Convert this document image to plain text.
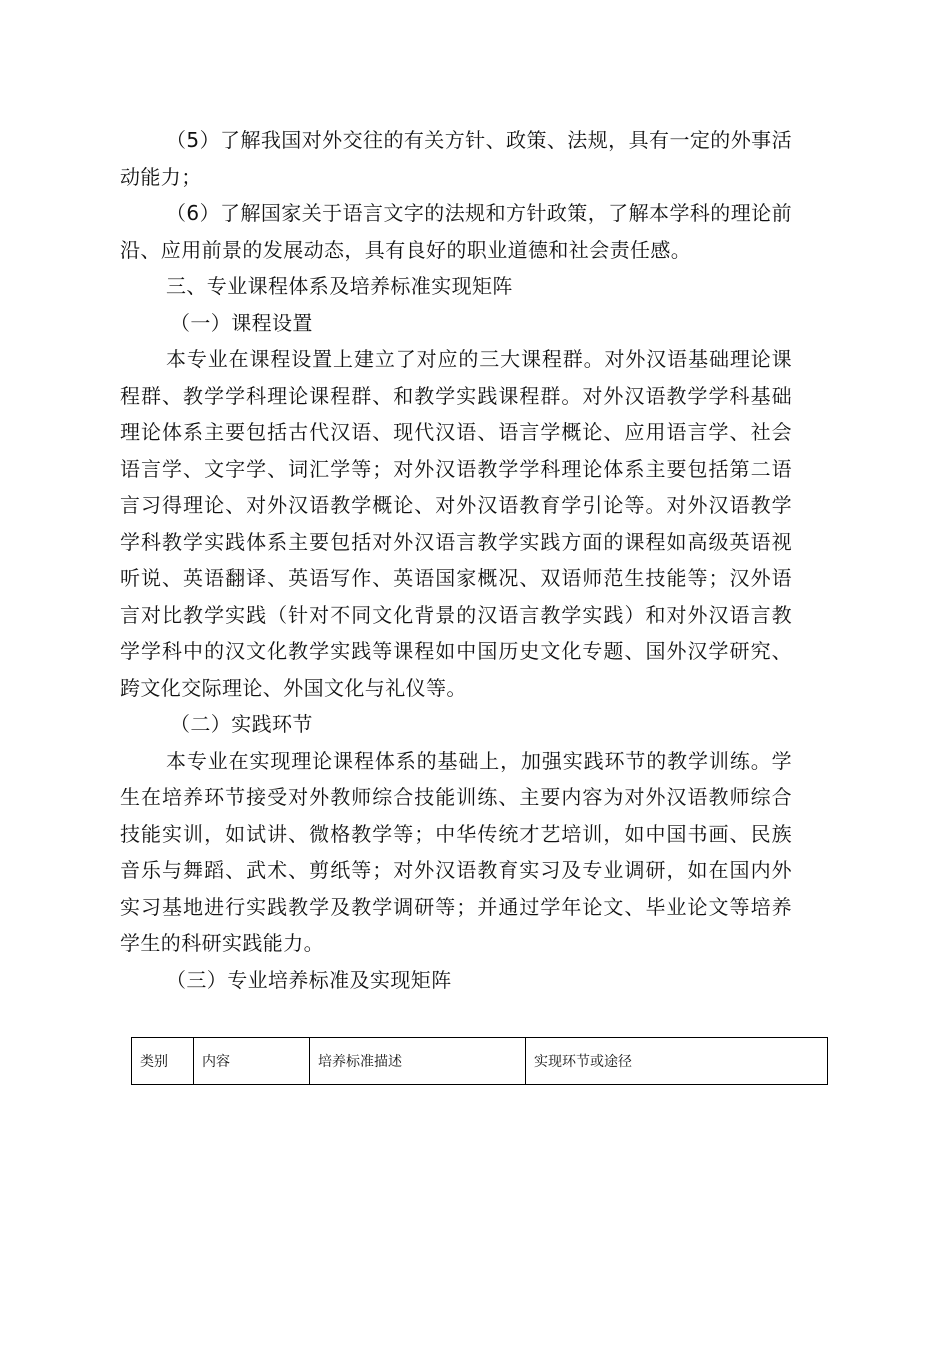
（5）了解我国对外交往的有关方针、政策、法规，具有一定的外事活动能力；

（6）了解国家关于语言文字的法规和方针政策，了解本学科的理论前沿、应用前景的发展动态，具有良好的职业道德和社会责任感。

三、专业课程体系及培养标准实现矩阵

（一）课程设置

本专业在课程设置上建立了对应的三大课程群。对外汉语基础理论课程群、教学学科理论课程群、和教学实践课程群。对外汉语教学学科基础理论体系主要包括古代汉语、现代汉语、语言学概论、应用语言学、社会语言学、文字学、词汇学等；对外汉语教学学科理论体系主要包括第二语言习得理论、对外汉语教学概论、对外汉语教育学引论等。对外汉语教学学科教学实践体系主要包括对外汉语言教学实践方面的课程如高级英语视听说、英语翻译、英语写作、英语国家概况、双语师范生技能等；汉外语言对比教学实践（针对不同文化背景的汉语言教学实践）和对外汉语言教学学科中的汉文化教学实践等课程如中国历史文化专题、国外汉学研究、跨文化交际理论、外国文化与礼仪等。

（二）实践环节

本专业在实现理论课程体系的基础上，加强实践环节的教学训练。学生在培养环节接受对外教师综合技能训练、主要内容为对外汉语教师综合技能实训，如试讲、微格教学等；中华传统才艺培训，如中国书画、民族音乐与舞蹈、武术、剪纸等；对外汉语教育实习及专业调研，如在国内外实习基地进行实践教学及教学调研等；并通过学年论文、毕业论文等培养学生的科研实践能力。

（三）专业培养标准及实现矩阵

类别	内容	培养标准描述	实现环节或途径
